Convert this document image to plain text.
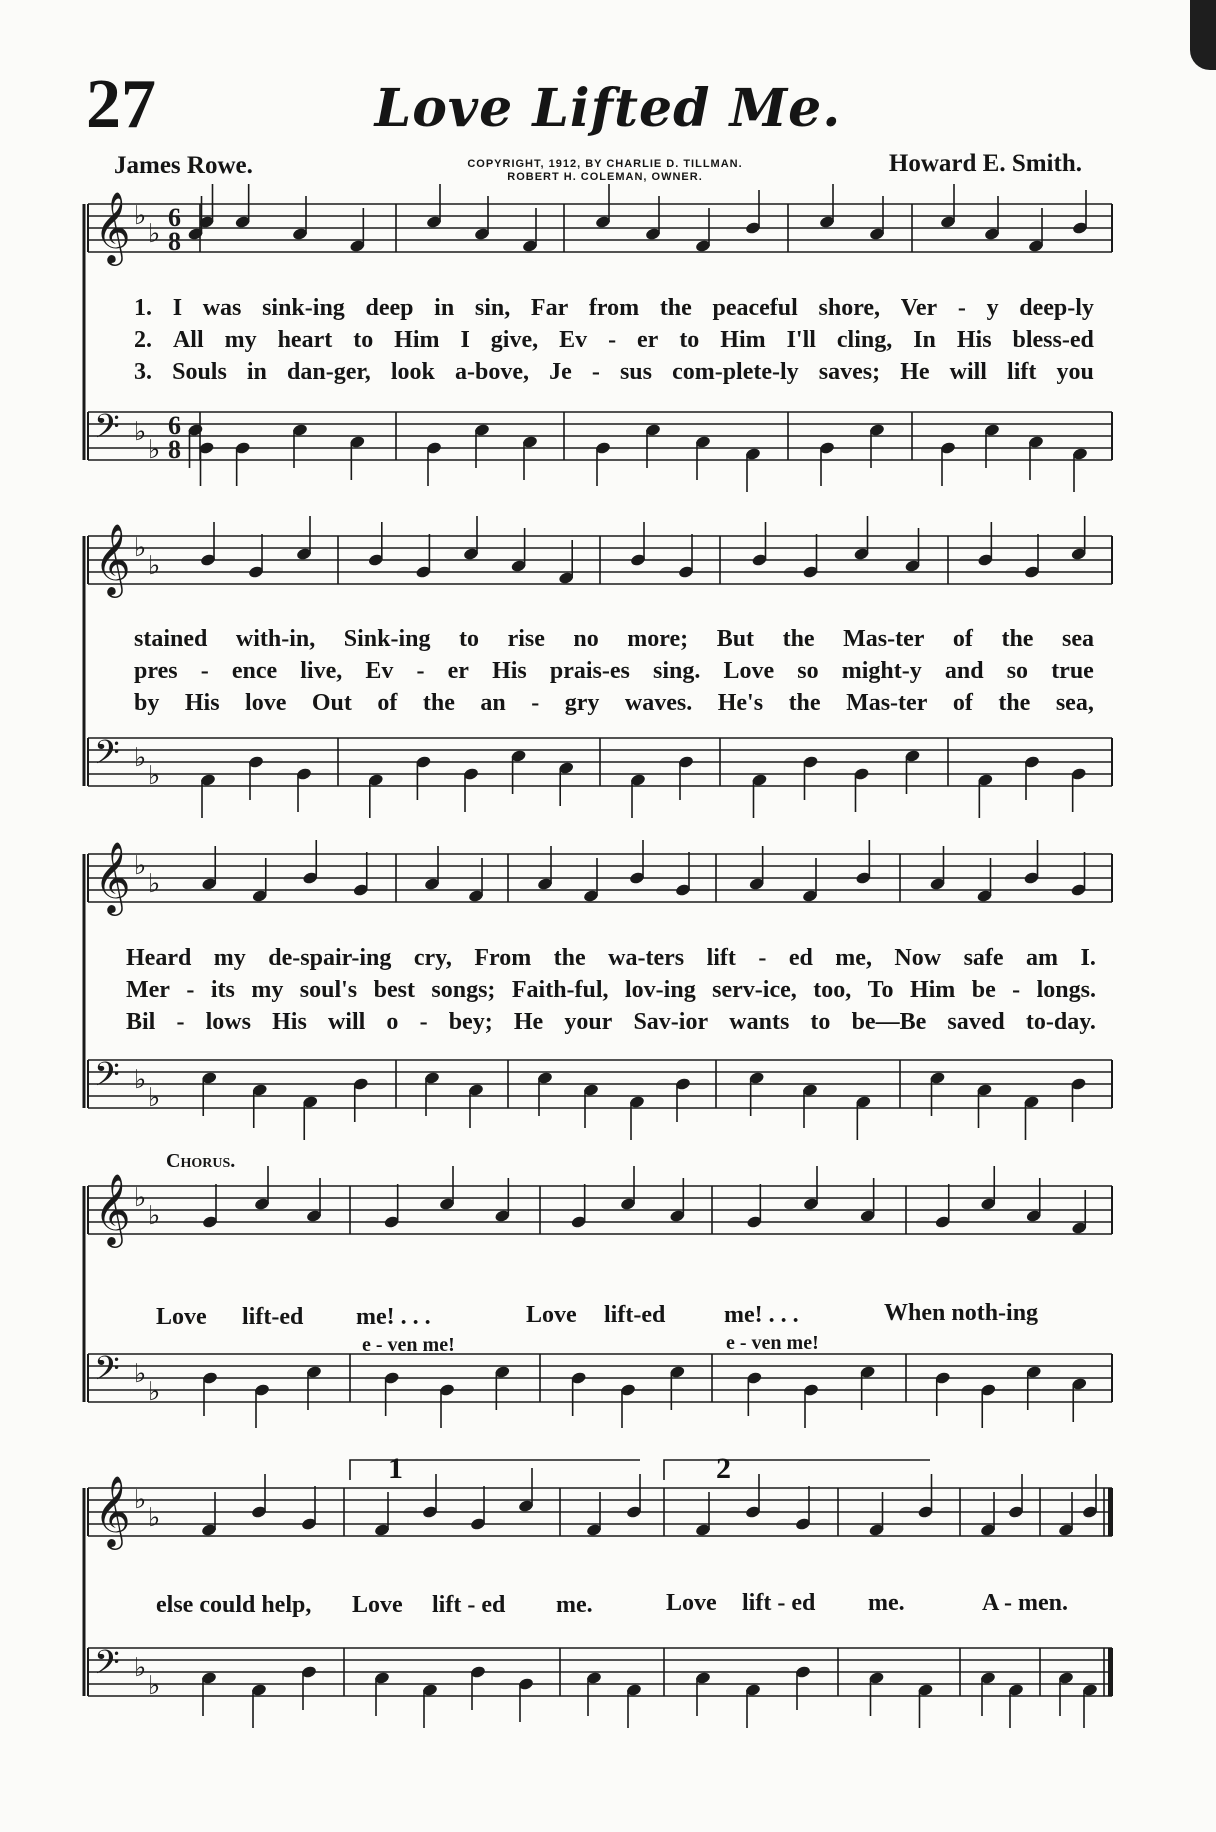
27	Love Lifted Me.
James Rowe.	COPYRIGHT, 1912, BY CHARLIE D. TILLMAN.
ROBERT H. COLEMAN, OWNER.	Howard E. Smith.
𝄞 ♭
♭
6
8
𝄢 ♭
♭
6
8
𝄞 ♭
♭
𝄢 ♭
♭
𝄞 ♭
♭
𝄢 ♭
♭
𝄞 ♭
♭
𝄢 ♭
♭
𝄞 ♭
♭
𝄢 ♭
♭
1. I was sink-ing deep in sin, Far from the peaceful shore, Ver - y deep-ly
2. All my heart to Him I give, Ev - er to Him I'll cling, In His bless-ed
3. Souls in dan-ger, look a-bove, Je - sus com-plete-ly saves; He will lift you
stained with-in, Sink-ing to rise no more; But the Mas-ter of the sea
pres - ence live, Ev - er His prais-es sing. Love so might-y and so true
by His love Out of the an - gry waves. He's the Mas-ter of the sea,
Heard my de-spair-ing cry, From the wa-ters lift - ed me, Now safe am I.
Mer - its my soul's best songs; Faith-ful, lov-ing serv-ice, too, To Him be - longs.
Bil - lows His will o - bey; He your Sav-ior wants to be—Be saved to-day.
Chorus.
Love lift-ed me! . . .	Love lift-ed me! . . .	When noth-ing
e - ven me!	e - ven me!
else could help, Love lift - ed me.	Love lift - ed me.	A - men.
1	2
